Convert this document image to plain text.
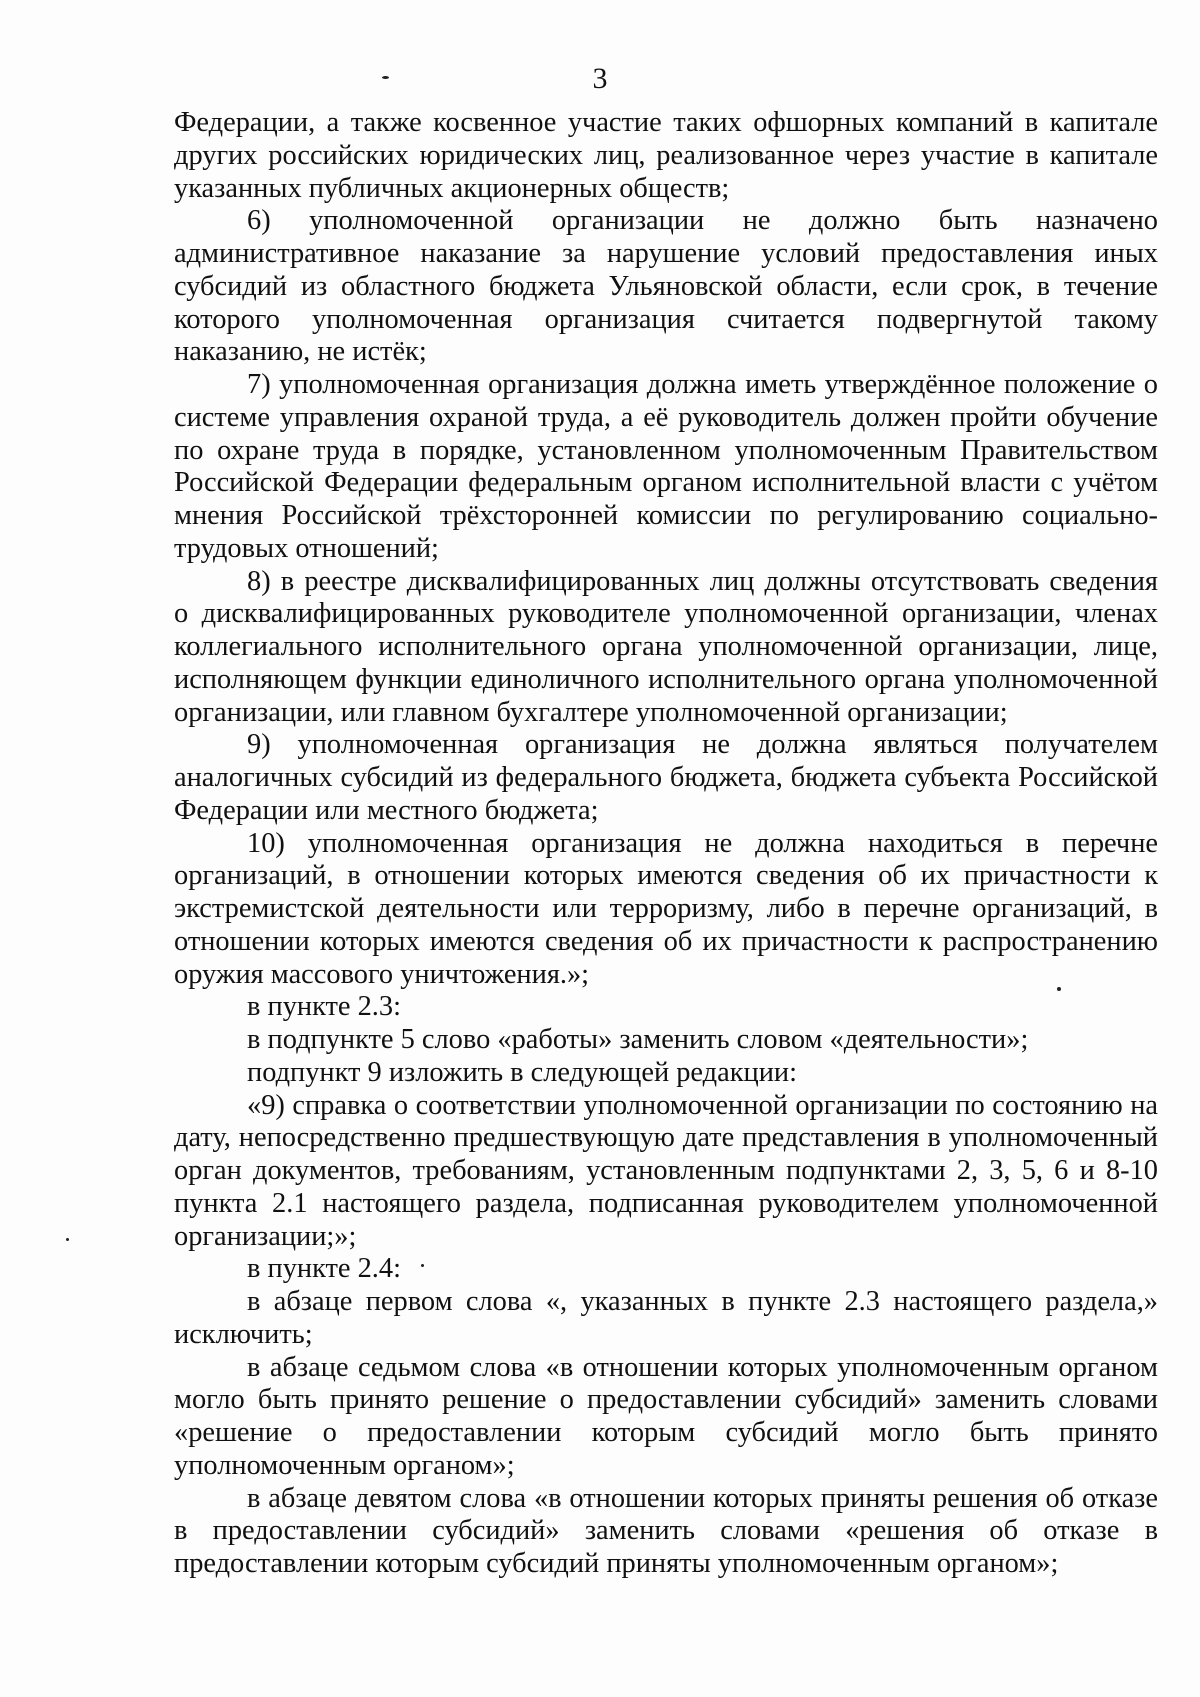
3

Федерации, а также косвенное участие таких офшорных компаний в капитале других российских юридических лиц, реализованное через участие в капитале указанных публичных акционерных обществ;

6) уполномоченной организации не должно быть назначено административное наказание за нарушение условий предоставления иных субсидий из областного бюджета Ульяновской области, если срок, в течение которого уполномоченная организация считается подвергнутой такому наказанию, не истёк;

7) уполномоченная организация должна иметь утверждённое положение о системе управления охраной труда, а её руководитель должен пройти обучение по охране труда в порядке, установленном уполномоченным Правительством Российской Федерации федеральным органом исполнительной власти с учётом мнения Российской трёхсторонней комиссии по регулированию социально-трудовых отношений;

8) в реестре дисквалифицированных лиц должны отсутствовать сведения о дисквалифицированных руководителе уполномоченной организации, членах коллегиального исполнительного органа уполномоченной организации, лице, исполняющем функции единоличного исполнительного органа уполномоченной организации, или главном бухгалтере уполномоченной организации;

9) уполномоченная организация не должна являться получателем аналогичных субсидий из федерального бюджета, бюджета субъекта Российской Федерации или местного бюджета;

10) уполномоченная организация не должна находиться в перечне организаций, в отношении которых имеются сведения об их причастности к экстремистской деятельности или терроризму, либо в перечне организаций, в отношении которых имеются сведения об их причастности к распространению оружия массового уничтожения.»;

в пункте 2.3:

в подпункте 5 слово «работы» заменить словом «деятельности»;

подпункт 9 изложить в следующей редакции:

«9) справка о соответствии уполномоченной организации по состоянию на дату, непосредственно предшествующую дате представления в уполномоченный орган документов, требованиям, установленным подпунктами 2, 3, 5, 6 и 8-10 пункта 2.1 настоящего раздела, подписанная руководителем уполномоченной организации;»;

в пункте 2.4:

в абзаце первом слова «, указанных в пункте 2.3 настоящего раздела,» исключить;

в абзаце седьмом слова «в отношении которых уполномоченным органом могло быть принято решение о предоставлении субсидий» заменить словами «решение о предоставлении которым субсидий могло быть принято уполномоченным органом»;

в абзаце девятом слова «в отношении которых приняты решения об отказе в предоставлении субсидий» заменить словами «решения об отказе в предоставлении которым субсидий приняты уполномоченным органом»;
